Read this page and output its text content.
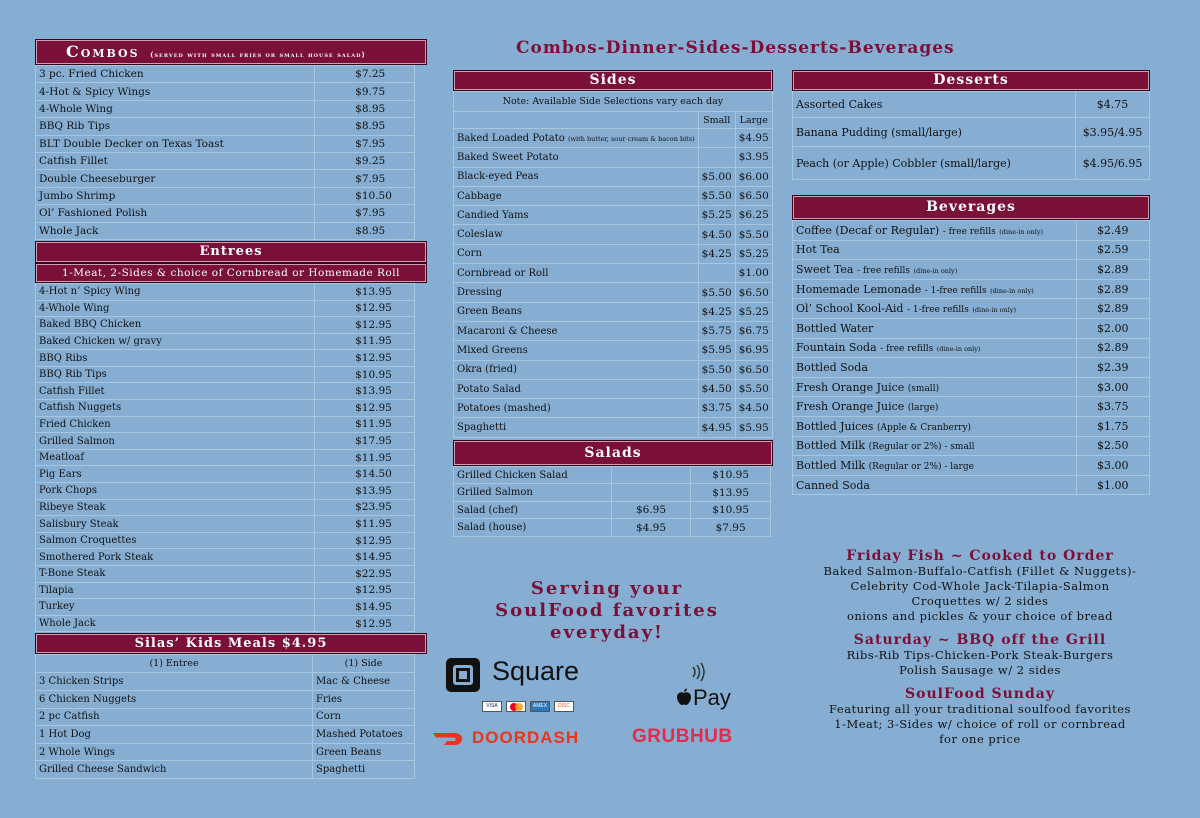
Combos (served with small fries or small house salad)
3 pc. Fried Chicken	$7.25
4-Hot & Spicy Wings	$9.75
4-Whole Wing	$8.95
BBQ Rib Tips	$8.95
BLT Double Decker on Texas Toast	$7.95
Catfish Fillet	$9.25
Double Cheeseburger	$7.95
Jumbo Shrimp	$10.50
Ol’ Fashioned Polish	$7.95
Whole Jack	$8.95
Entrees
1-Meat, 2-Sides & choice of Cornbread or Homemade Roll
4-Hot n’ Spicy Wing	$13.95
4-Whole Wing	$12.95
Baked BBQ Chicken	$12.95
Baked Chicken w/ gravy	$11.95
BBQ Ribs	$12.95
BBQ Rib Tips	$10.95
Catfish Fillet	$13.95
Catfish Nuggets	$12.95
Fried Chicken	$11.95
Grilled Salmon	$17.95
Meatloaf	$11.95
Pig Ears	$14.50
Pork Chops	$13.95
Ribeye Steak	$23.95
Salisbury Steak	$11.95
Salmon Croquettes	$12.95
Smothered Pork Steak	$14.95
T-Bone Steak	$22.95
Tilapia	$12.95
Turkey	$14.95
Whole Jack	$12.95
Silas’ Kids Meals $4.95
(1) Entree	(1) Side
3 Chicken Strips	Mac & Cheese
6 Chicken Nuggets	Fries
2 pc Catfish	Corn
1 Hot Dog	Mashed Potatoes
2 Whole Wings	Green Beans
Grilled Cheese Sandwich	Spaghetti
Combos-Dinner-Sides-Desserts-Beverages
Sides
Note: Available Side Selections vary each day		
	Small	Large
Baked Loaded Potato (with butter, sour cream & bacon bits)		$4.95
Baked Sweet Potato		$3.95
Black-eyed Peas	$5.00	$6.00
Cabbage	$5.50	$6.50
Candied Yams	$5.25	$6.25
Coleslaw	$4.50	$5.50
Corn	$4.25	$5.25
Cornbread or Roll		$1.00
Dressing	$5.50	$6.50
Green Beans	$4.25	$5.25
Macaroni & Cheese	$5.75	$6.75
Mixed Greens	$5.95	$6.95
Okra (fried)	$5.50	$6.50
Potato Salad	$4.50	$5.50
Potatoes (mashed)	$3.75	$4.50
Spaghetti	$4.95	$5.95
Salads
Grilled Chicken Salad		$10.95
Grilled Salmon		$13.95
Salad (chef)	$6.95	$10.95
Salad (house)	$4.95	$7.95
Serving your
SoulFood favorites
everyday!
Square
VISA	AMEX	DISC	Pay
DOORDASH	GRUBHUB
Desserts
Assorted Cakes	$4.75
Banana Pudding (small/large)	$3.95/4.95
Peach (or Apple) Cobbler (small/large)	$4.95/6.95
Beverages
Coffee (Decaf or Regular) - free refills (dine-in only)	$2.49
Hot Tea	$2.59
Sweet Tea - free refills (dine-in only)	$2.89
Homemade Lemonade - 1-free refills (dine-in only)	$2.89
Ol’ School Kool-Aid - 1-free refills (dine-in only)	$2.89
Bottled Water	$2.00
Fountain Soda - free refills (dine-in only)	$2.89
Bottled Soda	$2.39
Fresh Orange Juice (small)	$3.00
Fresh Orange Juice (large)	$3.75
Bottled Juices (Apple & Cranberry)	$1.75
Bottled Milk (Regular or 2%) - small	$2.50
Bottled Milk (Regular or 2%) - large	$3.00
Canned Soda	$1.00
Friday Fish ~ Cooked to Order
Baked Salmon-Buffalo-Catfish (Fillet & Nuggets)-
Celebrity Cod-Whole Jack-Tilapia-Salmon
Croquettes w/ 2 sides
onions and pickles & your choice of bread
Saturday ~ BBQ off the Grill
Ribs-Rib Tips-Chicken-Pork Steak-Burgers
Polish Sausage w/ 2 sides
SoulFood Sunday
Featuring all your traditional soulfood favorites
1-Meat; 3-Sides w/ choice of roll or cornbread
for one price
